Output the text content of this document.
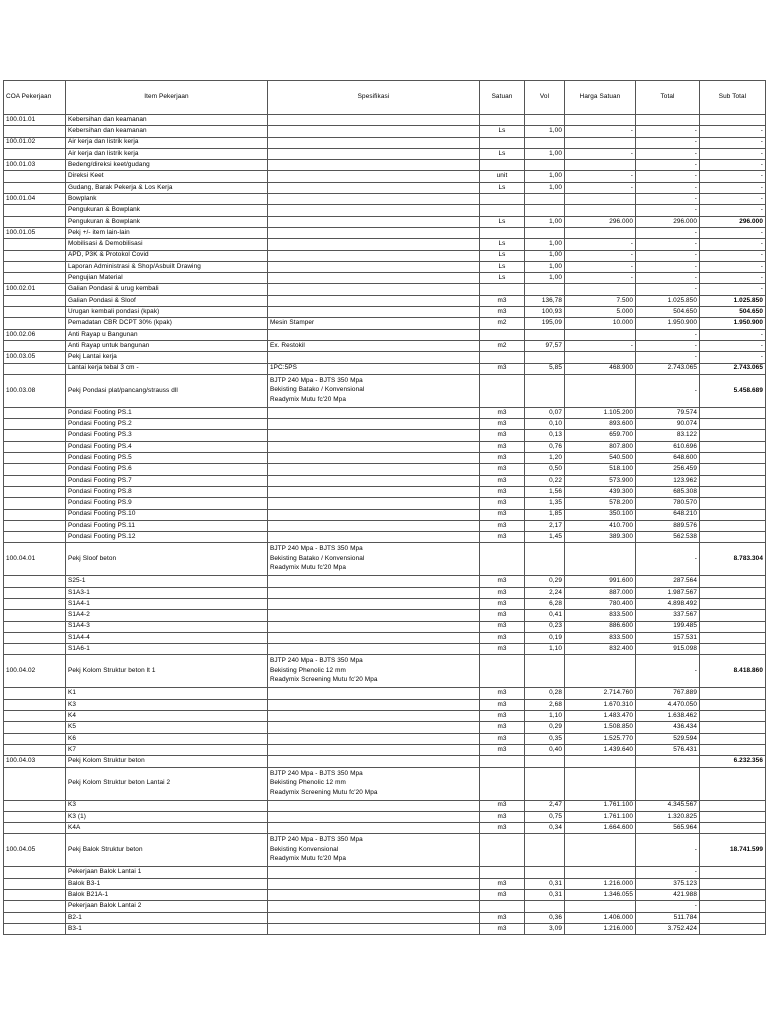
COA Pekerjaan	Item Pekerjaan	Spesifikasi	Satuan	Vol	Harga Satuan	Total	Sub Total
100.01.01	Kebersihan dan keamanan						
	Kebersihan dan keamanan		Ls	1,00	-	-	-
100.01.02	Air kerja dan listrik kerja					-	-
	Air kerja dan listrik kerja		Ls	1,00	-	-	-
100.01.03	Bedeng/direksi keet/gudang					-	-
	Direksi Keet		unit	1,00	-	-	-
	Gudang, Barak Pekerja & Los Kerja		Ls	1,00	-	-	-
100.01.04	Bowplank					-	-
	Pengukuran & Bowplank					-	-
	Pengukuran & Bowplank		Ls	1,00	296.000	296.000	296.000
100.01.05	Pekj +/- item lain-lain					-	-
	Mobilisasi & Demobilisasi		Ls	1,00	-	-	-
	APD, P3K & Protokol Covid		Ls	1,00	-	-	-
	Laporan Administrasi & Shop/Asbuilt Drawing		Ls	1,00	-	-	-
	Pengujian Material		Ls	1,00	-	-	-
100.02.01	Galian Pondasi & urug kembali					-	-
	Galian Pondasi & Sloof		m3	136,78	7.500	1.025.850	1.025.850
	Urugan kembali pondasi (kpak)		m3	100,93	5.000	504.650	504.650
	Pemadatan CBR DCPT 30% (kpak)	Mesin Stamper	m2	195,09	10.000	1.950.900	1.950.900
100.02.06	Anti Rayap u Bangunan					-	-
	Anti Rayap untuk bangunan	Ex. Restokil	m2	97,57	-	-	-
100.03.05	Pekj Lantai kerja					-	-
	Lantai kerja tebal 3 cm -	1PC:5PS	m3	5,85	468.900	2.743.065	2.743.065
100.03.08	Pekj Pondasi plat/pancang/strauss dll	BJTP 240 Mpa - BJTS 350 Mpa
Bekisting Batako / Konvensional
Readymix Mutu fc'20 Mpa				-	5.458.689
	Pondasi Footing PS.1		m3	0,07	1.105.200	79.574	
	Pondasi Footing PS.2		m3	0,10	893.600	90.074	
	Pondasi Footing PS.3		m3	0,13	659.700	83.122	
	Pondasi Footing PS.4		m3	0,76	807.800	610.696	
	Pondasi Footing PS.5		m3	1,20	540.500	648.600	
	Pondasi Footing PS.6		m3	0,50	518.100	256.459	
	Pondasi Footing PS.7		m3	0,22	573.900	123.962	
	Pondasi Footing PS.8		m3	1,56	439.300	685.308	
	Pondasi Footing PS.9		m3	1,35	578.200	780.570	
	Pondasi Footing PS.10		m3	1,85	350.100	648.210	
	Pondasi Footing PS.11		m3	2,17	410.700	889.576	
	Pondasi Footing PS.12		m3	1,45	389.300	562.538	
100.04.01	Pekj Sloof beton	BJTP 240 Mpa - BJTS 350 Mpa
Bekisting Batako / Konvensional
Readymix Mutu fc'20 Mpa				-	8.783.304
	S25-1		m3	0,29	991.600	287.564	
	S1A3-1		m3	2,24	887.000	1.987.567	
	S1A4-1		m3	6,28	780.400	4.898.492	
	S1A4-2		m3	0,41	833.500	337.567	
	S1A4-3		m3	0,23	886.600	199.485	
	S1A4-4		m3	0,19	833.500	157.531	
	S1A6-1		m3	1,10	832.400	915.098	
100.04.02	Pekj Kolom Struktur beton lt 1	BJTP 240 Mpa - BJTS 350 Mpa
Bekisting Phenolic 12 mm
Readymix Screening Mutu fc'20 Mpa				-	8.418.860
	K1		m3	0,28	2.714.760	767.889	
	K3		m3	2,68	1.670.310	4.470.050	
	K4		m3	1,10	1.483.470	1.638.462	
	K5		m3	0,29	1.508.850	436.434	
	K6		m3	0,35	1.525.770	529.594	
	K7		m3	0,40	1.439.640	576.431	
100.04.03	Pekj Kolom Struktur beton						6.232.356
	Pekj Kolom Struktur beton Lantai 2	BJTP 240 Mpa - BJTS 350 Mpa
Bekisting Phenolic 12 mm
Readymix Screening Mutu fc'20 Mpa					
	K3		m3	2,47	1.761.100	4.345.567	
	K3 (1)		m3	0,75	1.761.100	1.320.825	
	K4A		m3	0,34	1.664.600	565.964	
100.04.05	Pekj Balok Struktur beton	BJTP 240 Mpa - BJTS 350 Mpa
Bekisting Konvensional
Readymix Mutu fc'20 Mpa				-	18.741.599
	Pekerjaan Balok Lantai 1					-	
	Balok B3-1		m3	0,31	1.216.000	375.123	
	Balok B21A-1		m3	0,31	1.346.055	421.988	
	Pekerjaan Balok Lantai 2					-	
	B2-1		m3	0,36	1.406.000	511.784	
	B3-1		m3	3,09	1.216.000	3.752.424	
